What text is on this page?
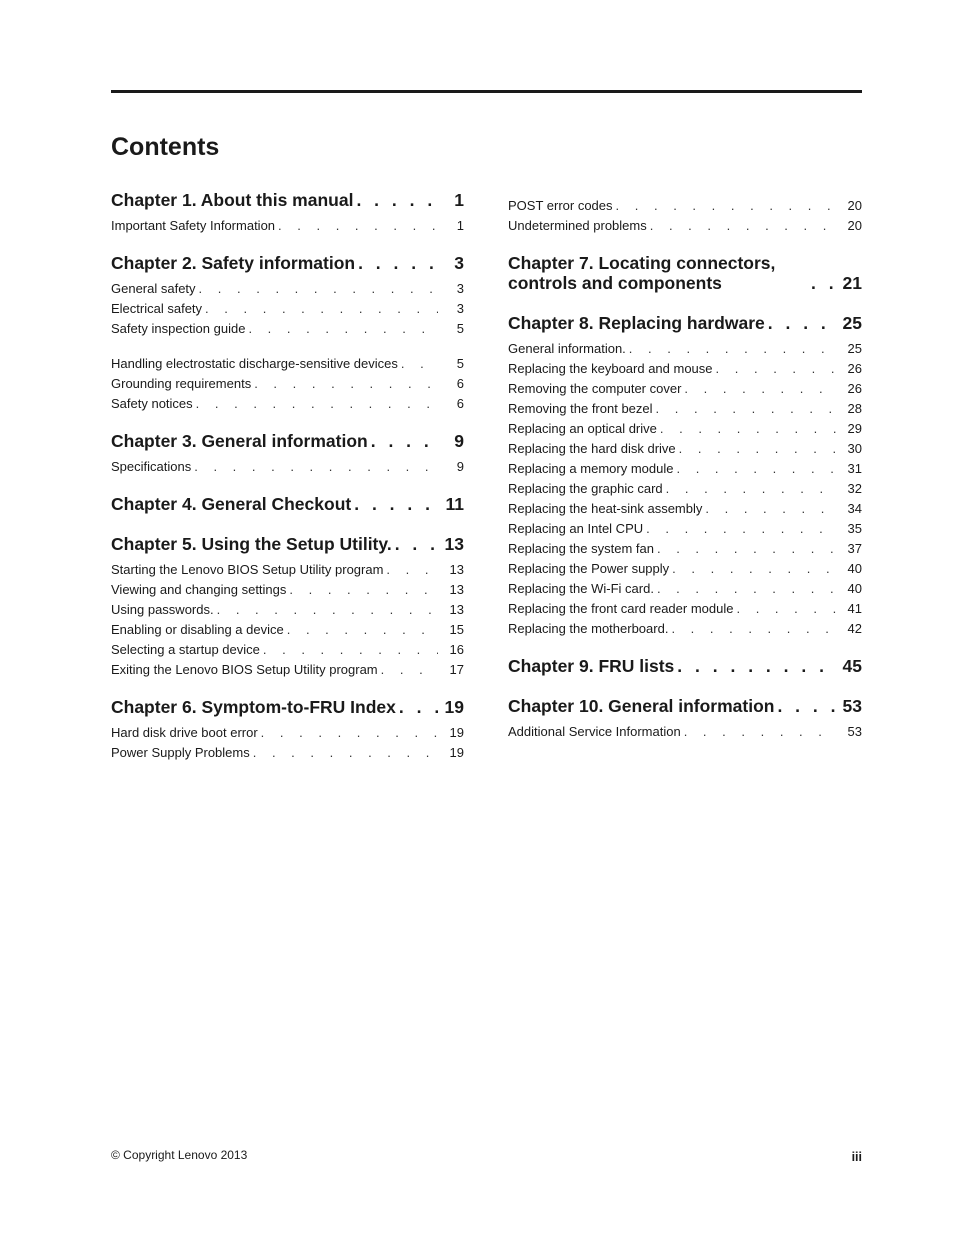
Contents
Chapter 1. About this manual . . .	1
Important Safety Information . . .	1
Chapter 2. Safety information . . .	3
General safety . . .	3
Electrical safety . . .	3
Safety inspection guide . . .	5
Handling electrostatic discharge-sensitive devices . . .	5
Grounding requirements . . .	6
Safety notices . . .	6
Chapter 3. General information . . .	9
Specifications . . .	9
Chapter 4. General Checkout . . .	11
Chapter 5. Using the Setup Utility. . . .	13
Starting the Lenovo BIOS Setup Utility program . . .	13
Viewing and changing settings . . .	13
Using passwords. . . .	13
Enabling or disabling a device . . .	15
Selecting a startup device . . .	16
Exiting the Lenovo BIOS Setup Utility program . . .	17
Chapter 6. Symptom-to-FRU Index . . .	19
Hard disk drive boot error . . .	19
Power Supply Problems . . .	19
POST error codes . . .	20
Undetermined problems . . .	20
Chapter 7. Locating connectors, controls and components . . .	21
Chapter 8. Replacing hardware . . .	25
General information. . . .	25
Replacing the keyboard and mouse . . .	26
Removing the computer cover . . .	26
Removing the front bezel . . .	28
Replacing an optical drive . . .	29
Replacing the hard disk drive . . .	30
Replacing a memory module . . .	31
Replacing the graphic card . . .	32
Replacing the heat-sink assembly . . .	34
Replacing an Intel CPU . . .	35
Replacing the system fan . . .	37
Replacing the Power supply . . .	40
Replacing the Wi-Fi card. . . .	40
Replacing the front card reader module . . .	41
Replacing the motherboard. . . .	42
Chapter 9. FRU lists . . .	45
Chapter 10. General information . . .	53
Additional Service Information . . .	53
© Copyright Lenovo 2013	iii
